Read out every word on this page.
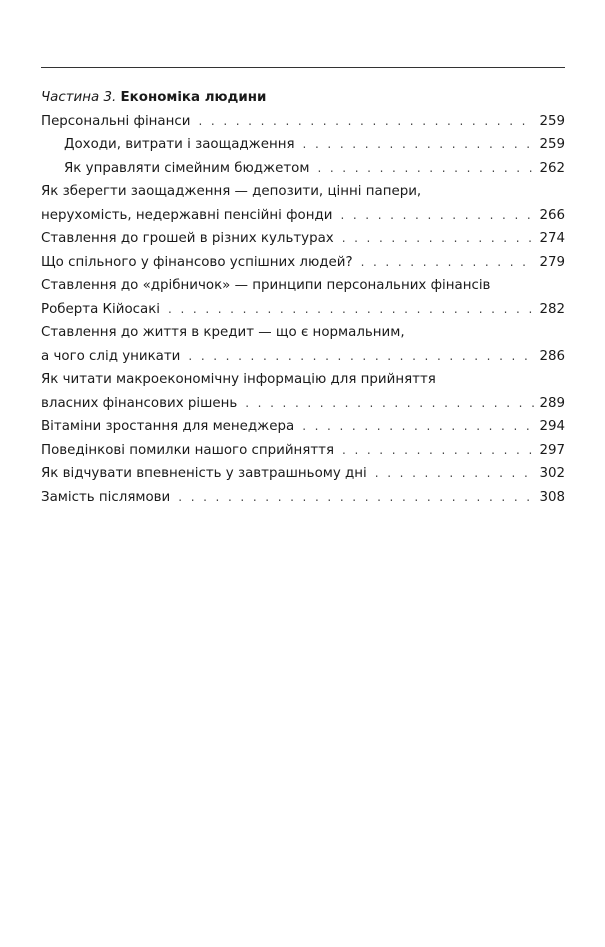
Частина 3. Економіка людини
Персональні фінанси . . .	259
Доходи, витрати і заощадження . . .	259
Як управляти сімейним бюджетом . . .	262
Як зберегти заощадження — депозити, цінні папери,
нерухомість, недержавні пенсійні фонди . . .	266
Ставлення до грошей в різних культурах . . .	274
Що спільного у фінансово успішних людей? . . .	279
Ставлення до «дрібничок» — принципи персональних фінансів
Роберта Кійосакі . . .	282
Ставлення до життя в кредит — що є нормальним,
а чого слід уникати . . .	286
Як читати макроекономічну інформацію для прийняття
власних фінансових рішень . . .	289
Вітаміни зростання для менеджера . . .	294
Поведінкові помилки нашого сприйняття . . .	297
Як відчувати впевненість у завтрашньому дні . . .	302
Замість післямови . . .	308
